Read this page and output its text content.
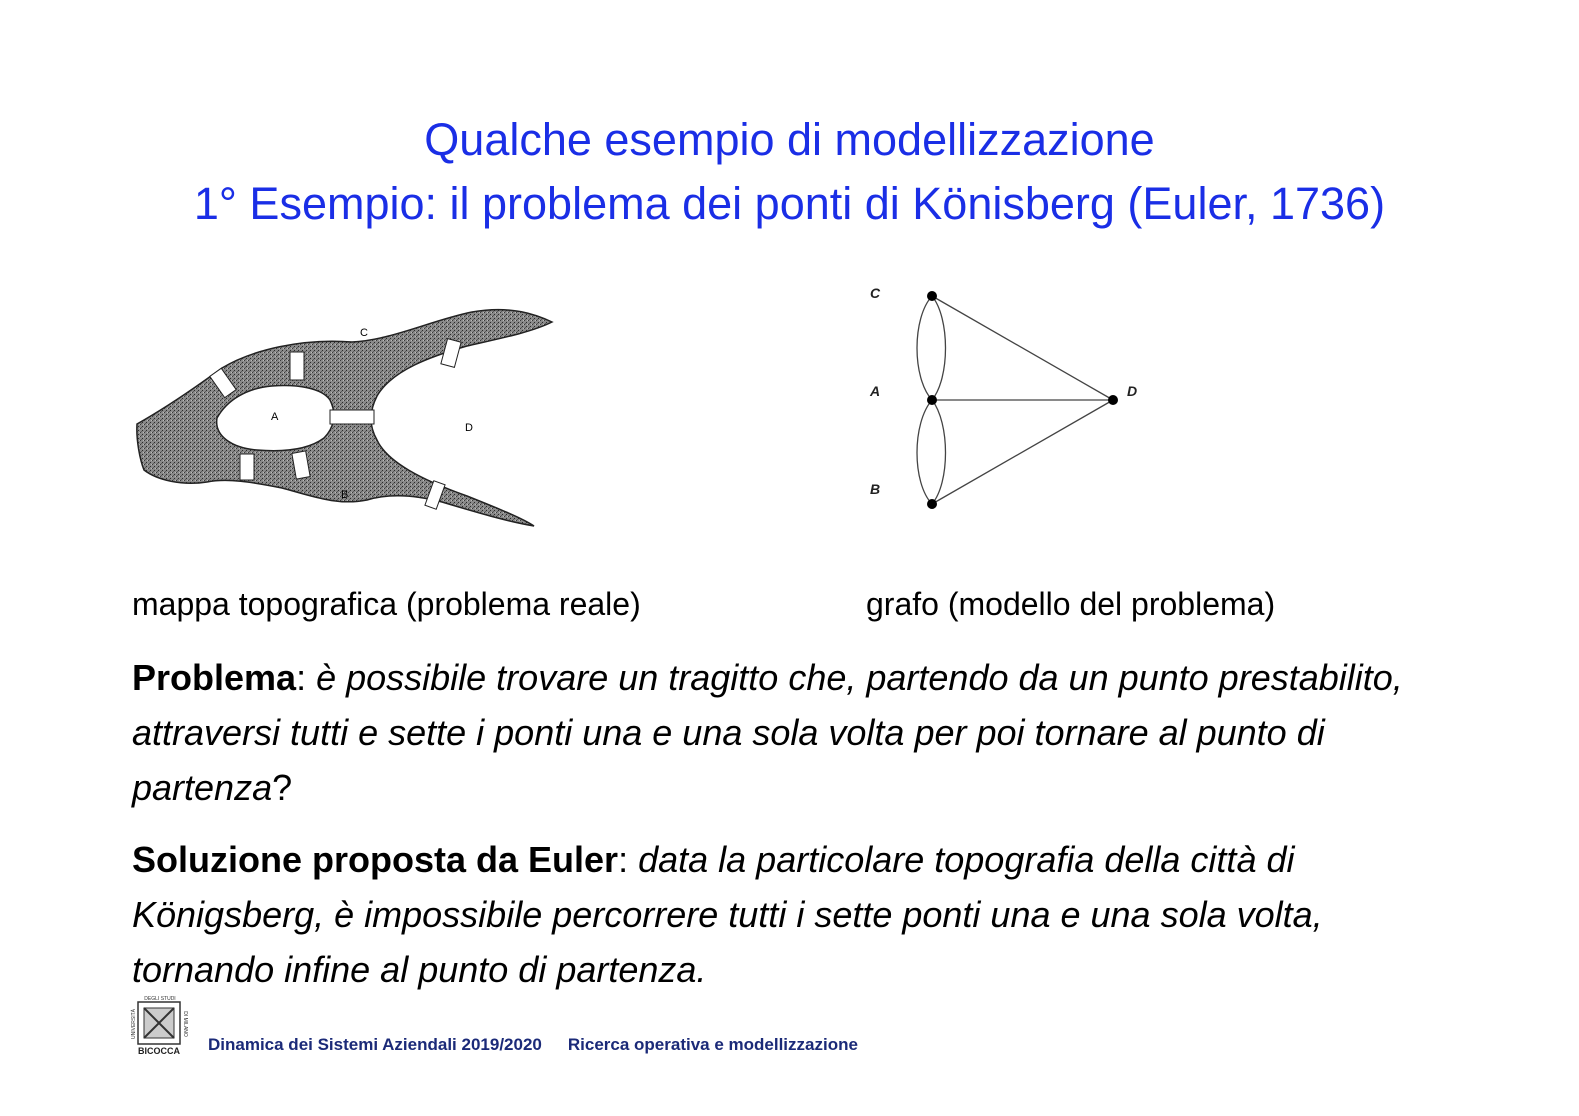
Qualche esempio di modellizzazione
1° Esempio: il problema dei ponti di Könisberg (Euler, 1736)
C
A
D
B
C
A
B
D
mappa topografica (problema reale)	grafo (modello del problema)
Problema: è possibile trovare un tragitto che, partendo da un punto prestabilito, attraversi tutti e sette i ponti una e una sola volta per poi tornare al punto di partenza?
Soluzione proposta da Euler: data la particolare topografia della città di Königsberg, è impossibile percorrere tutti i sette ponti una e una sola volta, tornando infine al punto di partenza.
DEGLI STUDI
UNIVERSITÀ	DI MILANO
BICOCCA Dinamica dei Sistemi Aziendali 2019/2020 Ricerca operativa e modellizzazione
